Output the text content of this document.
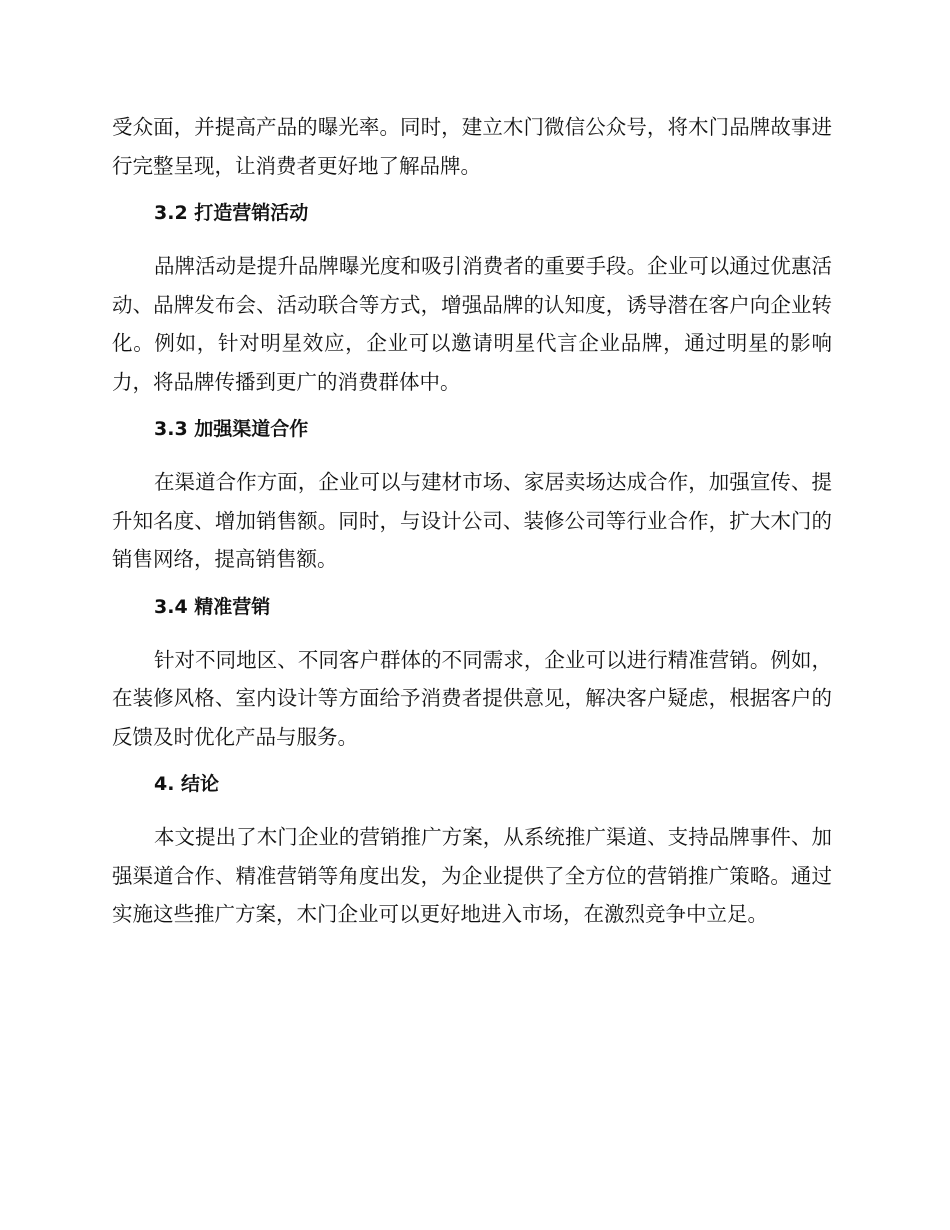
受众面，并提高产品的曝光率。同时，建立木门微信公众号，将木门品牌故事进行完整呈现，让消费者更好地了解品牌。

3.2 打造营销活动

品牌活动是提升品牌曝光度和吸引消费者的重要手段。企业可以通过优惠活动、品牌发布会、活动联合等方式，增强品牌的认知度，诱导潜在客户向企业转化。例如，针对明星效应，企业可以邀请明星代言企业品牌，通过明星的影响力，将品牌传播到更广的消费群体中。

3.3 加强渠道合作

在渠道合作方面，企业可以与建材市场、家居卖场达成合作，加强宣传、提升知名度、增加销售额。同时，与设计公司、装修公司等行业合作，扩大木门的销售网络，提高销售额。

3.4 精准营销

针对不同地区、不同客户群体的不同需求，企业可以进行精准营销。例如，在装修风格、室内设计等方面给予消费者提供意见，解决客户疑虑，根据客户的反馈及时优化产品与服务。

4. 结论

本文提出了木门企业的营销推广方案，从系统推广渠道、支持品牌事件、加强渠道合作、精准营销等角度出发，为企业提供了全方位的营销推广策略。通过实施这些推广方案，木门企业可以更好地进入市场，在激烈竞争中立足。
